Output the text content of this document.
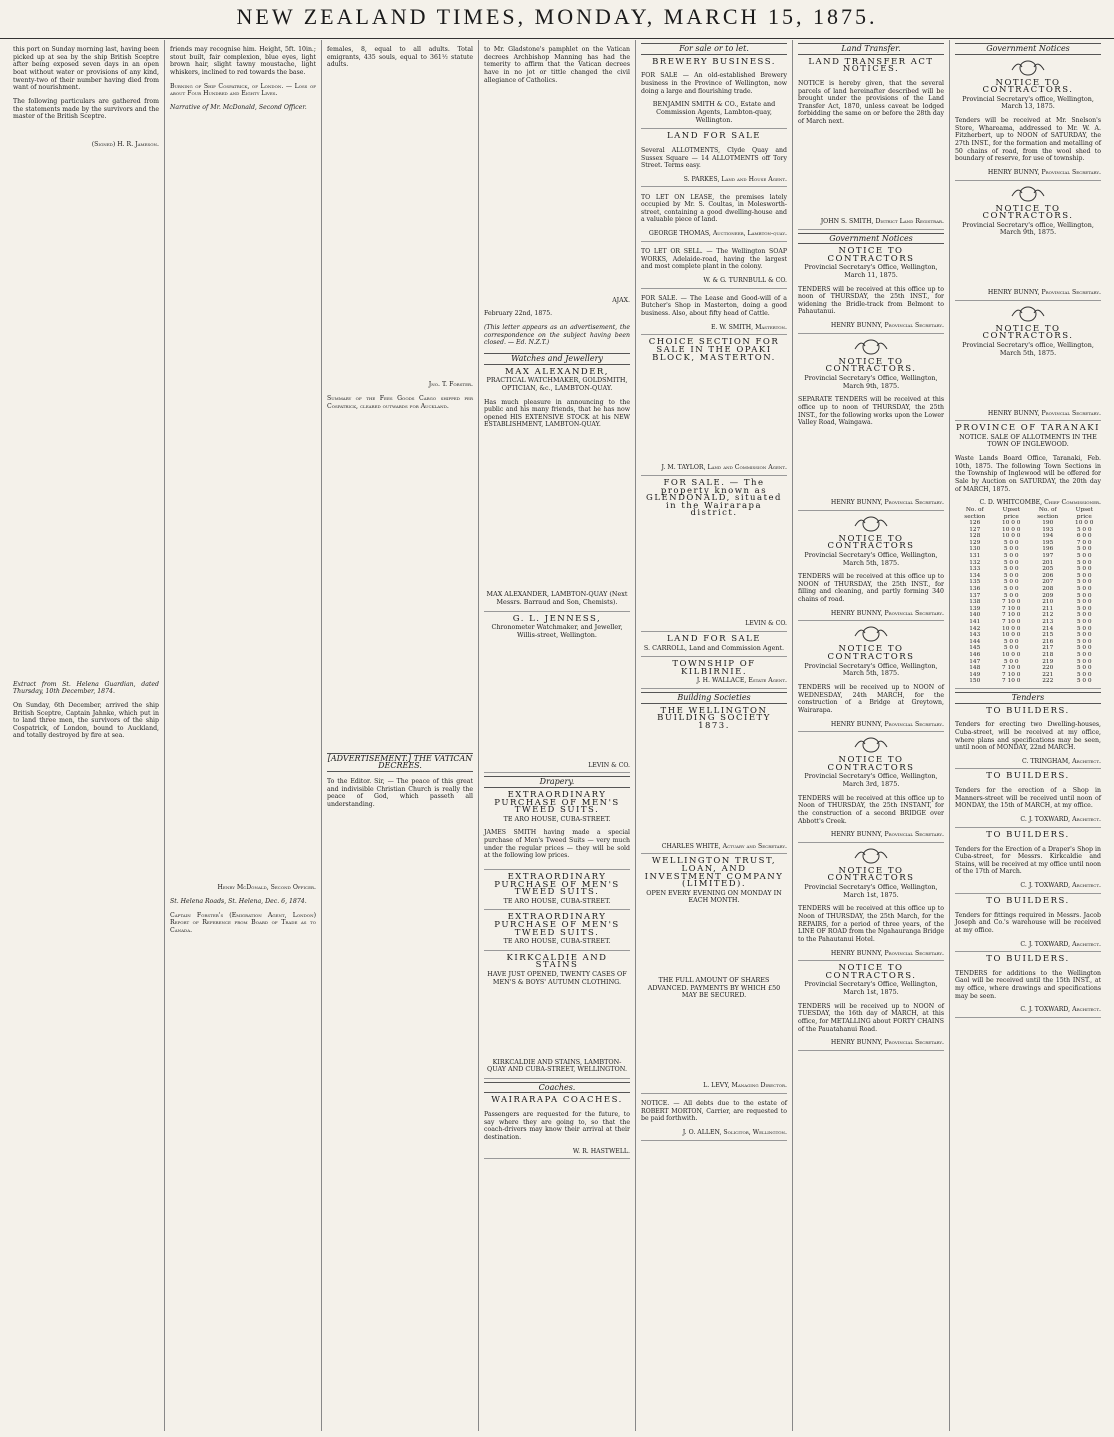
NEW ZEALAND TIMES, MONDAY, MARCH 15, 1875.

this port on Sunday morning last, having been picked up at sea by the ship British Sceptre after being exposed seven days in an open boat without water or provisions of any kind, twenty-two of their number having died from want of nourishment.

The following particulars are gathered from the statements made by the survivors and the master of the British Sceptre.

(Signed) H. R. Jameson.

Extract from St. Helena Guardian, dated Thursday, 10th December, 1874.

On Sunday, 6th December, arrived the ship British Sceptre, Captain Jahnke, which put in to land three men, the survivors of the ship Cospatrick, of London, bound to Auckland, and totally destroyed by fire at sea.

friends may recognise him. Height, 5ft. 10in.; stout built, fair complexion, blue eyes, light brown hair, slight tawny moustache, light whiskers, inclined to red towards the base.

Burning of Ship Cospatrick, of London. — Loss of about Four Hundred and Eighty Lives.

Narrative of Mr. McDonald, Second Officer.

Henry McDonald, Second Officer.

St. Helena Roads, St. Helena, Dec. 6, 1874.

Captain Forster's (Emigration Agent, London) Report of Reference from Board of Trade as to Canada.

females, 8, equal to all adults. Total emigrants, 435 souls, equal to 361½ statute adults.

Jno. T. Forster.

Summary of the Fees Goods Cargo shipped per Cospatrick, cleared outwards for Auckland.

[ADVERTISEMENT.] THE VATICAN DECREES.

To the Editor. Sir, — The peace of this great and indivisible Christian Church is really the peace of God, which passeth all understanding.

to Mr. Gladstone's pamphlet on the Vatican decrees Archbishop Manning has had the temerity to affirm that the Vatican decrees have in no jot or tittle changed the civil allegiance of Catholics.

AJAX.

February 22nd, 1875.

(This letter appears as an advertisement, the correspondence on the subject having been closed. — Ed. N.Z.T.)

Watches and Jewellery
MAX ALEXANDER,
PRACTICAL WATCHMAKER, GOLDSMITH, OPTICIAN, &c., LAMBTON-QUAY.

Has much pleasure in announcing to the public and his many friends, that he has now opened HIS EXTENSIVE STOCK at his NEW ESTABLISHMENT, LAMBTON-QUAY.

MAX ALEXANDER, LAMBTON-QUAY (Next Messrs. Barraud and Son, Chemists).
G. L. JENNESS,
Chronometer Watchmaker, and Jeweller, Willis-street, Wellington.

LEVIN & CO.
Drapery.
EXTRAORDINARY PURCHASE OF MEN'S TWEED SUITS.
TE ARO HOUSE, CUBA-STREET.

JAMES SMITH having made a special purchase of Men's Tweed Suits — very much under the regular prices — they will be sold at the following low prices.

EXTRAORDINARY PURCHASE OF MEN'S TWEED SUITS.
TE ARO HOUSE, CUBA-STREET.
EXTRAORDINARY PURCHASE OF MEN'S TWEED SUITS.
TE ARO HOUSE, CUBA-STREET.
KIRKCALDIE AND STAINS
HAVE JUST OPENED, TWENTY CASES OF MEN'S & BOYS' AUTUMN CLOTHING.

KIRKCALDIE AND STAINS, LAMBTON-QUAY AND CUBA-STREET, WELLINGTON.
Coaches.
WAIRARAPA COACHES.

Passengers are requested for the future, to say where they are going to, so that the coach-drivers may know their arrival at their destination.

W. R. HASTWELL.
For sale or to let.
BREWERY BUSINESS.

FOR SALE — An old-established Brewery business in the Province of Wellington, now doing a large and flourishing trade.

BENJAMIN SMITH & CO., Estate and Commission Agents, Lambton-quay, Wellington.
LAND FOR SALE

Several ALLOTMENTS, Clyde Quay and Sussex Square — 14 ALLOTMENTS off Tory Street. Terms easy.

S. PARKES, Land and House Agent.

TO LET ON LEASE, the premises lately occupied by Mr. S. Coultas, in Molesworth-street, containing a good dwelling-house and a valuable piece of land.

GEORGE THOMAS, Auctioneer, Lambton-quay.

TO LET OR SELL. — The Wellington SOAP WORKS, Adelaide-road, having the largest and most complete plant in the colony.

W. & G. TURNBULL & CO.

FOR SALE. — The Lease and Good-will of a Butcher's Shop in Masterton, doing a good business. Also, about fifty head of Cattle.

E. W. SMITH, Masterton.
CHOICE SECTION FOR SALE IN THE OPAKI BLOCK, MASTERTON.

J. M. TAYLOR, Land and Commission Agent.
FOR SALE. — The property known as GLENDONALD, situated in the Wairarapa district.

LEVIN & CO.
LAND FOR SALE
S. CARROLL, Land and Commission Agent.
TOWNSHIP OF KILBIRNIE.
J. H. WALLACE, Estate Agent.
Building Societies
THE WELLINGTON BUILDING SOCIETY 1873.

CHARLES WHITE, Actuary and Secretary.
WELLINGTON TRUST, LOAN, AND INVESTMENT COMPANY (LIMITED).
OPEN EVERY EVENING ON MONDAY IN EACH MONTH.

THE FULL AMOUNT OF SHARES ADVANCED. PAYMENTS BY WHICH £50 MAY BE SECURED.

L. LEVY, Managing Director.

NOTICE. — All debts due to the estate of ROBERT MORTON, Carrier, are requested to be paid forthwith.

J. O. ALLEN, Solicitor, Wellington.
Land Transfer.
LAND TRANSFER ACT NOTICES.

NOTICE is hereby given, that the several parcels of land hereinafter described will be brought under the provisions of the Land Transfer Act, 1870, unless caveat be lodged forbidding the same on or before the 28th day of March next.

JOHN S. SMITH, District Land Registrar.
Government Notices
NOTICE TO CONTRACTORS
Provincial Secretary's Office, Wellington, March 11, 1875.

TENDERS will be received at this office up to noon of THURSDAY, the 25th INST., for widening the Bridle-track from Belmont to Pahautanui.

HENRY BUNNY, Provincial Secretary.
NOTICE TO CONTRACTORS.
Provincial Secretary's Office, Wellington, March 9th, 1875.

SEPARATE TENDERS will be received at this office up to noon of THURSDAY, the 25th INST., for the following works upon the Lower Valley Road, Waingawa.

HENRY BUNNY, Provincial Secretary.
NOTICE TO CONTRACTORS
Provincial Secretary's Office, Wellington, March 5th, 1875.

TENDERS will be received at this office up to NOON of THURSDAY, the 25th INST., for filling and cleaning, and partly forming 340 chains of road.

HENRY BUNNY, Provincial Secretary.
NOTICE TO CONTRACTORS
Provincial Secretary's Office, Wellington, March 5th, 1875.

TENDERS will be received up to NOON of WEDNESDAY, 24th MARCH, for the construction of a Bridge at Greytown, Wairarapa.

HENRY BUNNY, Provincial Secretary.
NOTICE TO CONTRACTORS
Provincial Secretary's Office, Wellington, March 3rd, 1875.

TENDERS will be received at this office up to Noon of THURSDAY, the 25th INSTANT, for the construction of a second BRIDGE over Abbott's Creek.

HENRY BUNNY, Provincial Secretary.
NOTICE TO CONTRACTORS
Provincial Secretary's Office, Wellington, March 1st, 1875.

TENDERS will be received at this office up to Noon of THURSDAY, the 25th March, for the REPAIRS, for a period of three years, of the LINE OF ROAD from the Ngahauranga Bridge to the Pahautanui Hotel.

HENRY BUNNY, Provincial Secretary.
NOTICE TO CONTRACTORS.
Provincial Secretary's Office, Wellington, March 1st, 1875.

TENDERS will be received up to NOON of TUESDAY, the 16th day of MARCH, at this office, for METALLING about FORTY CHAINS of the Pauatahanui Road.

HENRY BUNNY, Provincial Secretary.
Government Notices
NOTICE TO CONTRACTORS.
Provincial Secretary's office, Wellington, March 13, 1875.

Tenders will be received at Mr. Snelson's Store, Whareama, addressed to Mr. W. A. Fitzherbert, up to NOON of SATURDAY, the 27th INST., for the formation and metalling of 50 chains of road, from the wool shed to boundary of reserve, for use of township.

HENRY BUNNY, Provincial Secretary.
NOTICE TO CONTRACTORS.
Provincial Secretary's office, Wellington, March 9th, 1875.

HENRY BUNNY, Provincial Secretary.
NOTICE TO CONTRACTORS.
Provincial Secretary's office, Wellington, March 5th, 1875.

HENRY BUNNY, Provincial Secretary.
PROVINCE OF TARANAKI
NOTICE. SALE OF ALLOTMENTS IN THE TOWN OF INGLEWOOD.

Waste Lands Board Office, Taranaki, Feb. 10th, 1875. The following Town Sections in the Township of Inglewood will be offered for Sale by Auction on SATURDAY, the 20th day of MARCH, 1875.

C. D. WHITCOMBE, Chief Commissioner.
No. of section	Upset price	No. of section	Upset price
126	10 0 0	190	10 0 0
127	10 0 0	193	5 0 0
128	10 0 0	194	6 0 0
129	5 0 0	195	7 0 0
130	5 0 0	196	5 0 0
131	5 0 0	197	5 0 0
132	5 0 0	201	5 0 0
133	5 0 0	205	5 0 0
134	5 0 0	206	5 0 0
135	5 0 0	207	5 0 0
136	5 0 0	208	5 0 0
137	5 0 0	209	5 0 0
138	7 10 0	210	5 0 0
139	7 10 0	211	5 0 0
140	7 10 0	212	5 0 0
141	7 10 0	213	5 0 0
142	10 0 0	214	5 0 0
143	10 0 0	215	5 0 0
144	5 0 0	216	5 0 0
145	5 0 0	217	5 0 0
146	10 0 0	218	5 0 0
147	5 0 0	219	5 0 0
148	7 10 0	220	5 0 0
149	7 10 0	221	5 0 0
150	7 10 0	222	5 0 0
Tenders
TO BUILDERS.

Tenders for erecting two Dwelling-houses, Cuba-street, will be received at my office, where plans and specifications may be seen, until noon of MONDAY, 22nd MARCH.

C. TRINGHAM, Architect.
TO BUILDERS.

Tenders for the erection of a Shop in Manners-street will be received until noon of MONDAY, the 15th of MARCH, at my office.

C. J. TOXWARD, Architect.
TO BUILDERS.

Tenders for the Erection of a Draper's Shop in Cuba-street, for Messrs. Kirkcaldie and Stains, will be received at my office until noon of the 17th of March.

C. J. TOXWARD, Architect.
TO BUILDERS.

Tenders for fittings required in Messrs. Jacob Joseph and Co.'s warehouse will be received at my office.

C. J. TOXWARD, Architect.
TO BUILDERS.

TENDERS for additions to the Wellington Gaol will be received until the 15th INST., at my office, where drawings and specifications may be seen.

C. J. TOXWARD, Architect.
